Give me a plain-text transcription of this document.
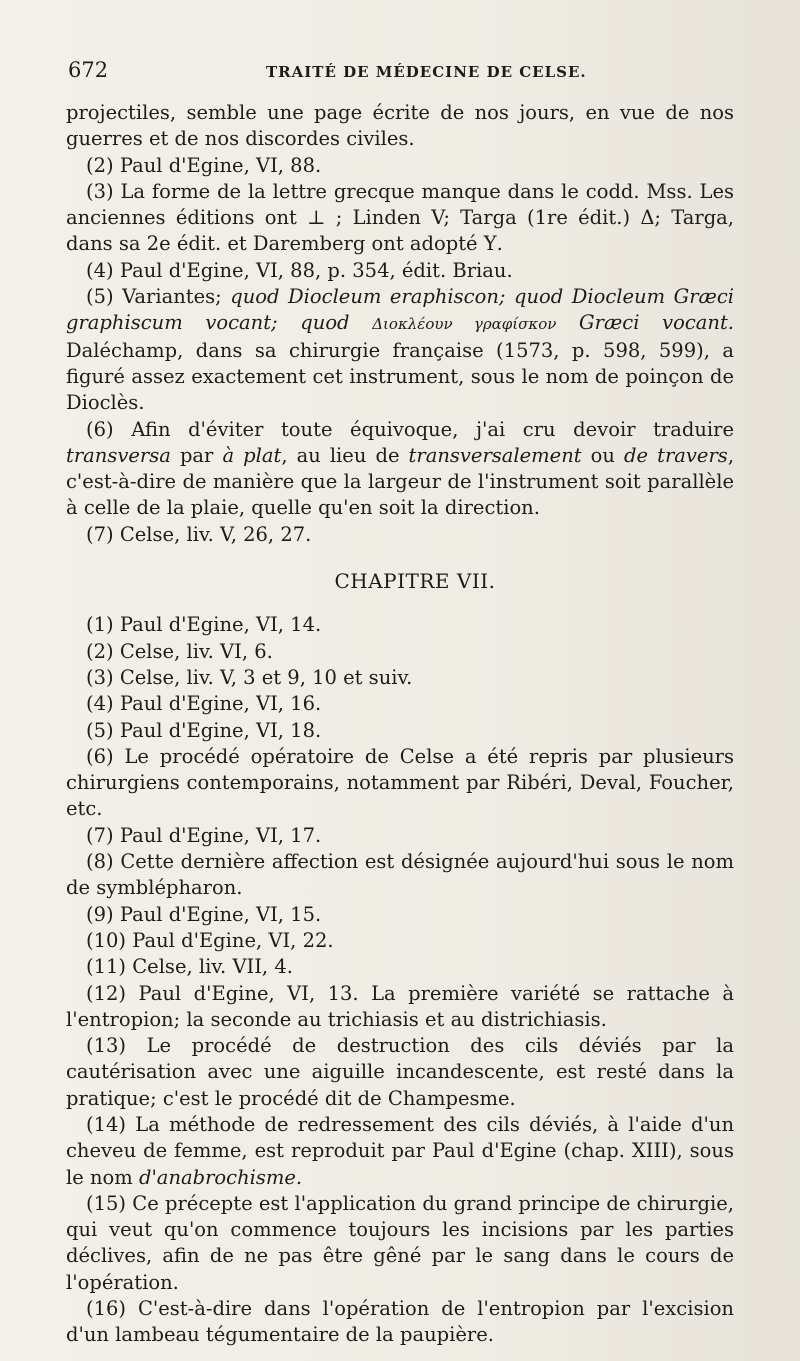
672	TRAITÉ DE MÉDECINE DE CELSE.

projectiles, semble une page écrite de nos jours, en vue de nos guerres et de nos discordes civiles.

(2) Paul d'Egine, VI, 88.

(3) La forme de la lettre grecque manque dans le codd. Mss. Les anciennes éditions ont ⊥ ; Linden V; Targa (1re édit.) Δ; Targa, dans sa 2e édit. et Daremberg ont adopté Υ.

(4) Paul d'Egine, VI, 88, p. 354, édit. Briau.

(5) Variantes; quod Diocleum eraphiscon; quod Diocleum Græci graphiscum vocant; quod Διοκλέουν γραφίσκον Græci vocant. Daléchamp, dans sa chirurgie française (1573, p. 598, 599), a figuré assez exactement cet instrument, sous le nom de poinçon de Dioclès.

(6) Afin d'éviter toute équivoque, j'ai cru devoir traduire transversa par à plat, au lieu de transversalement ou de travers, c'est-à-dire de manière que la largeur de l'instrument soit parallèle à celle de la plaie, quelle qu'en soit la direction.

(7) Celse, liv. V, 26, 27.

CHAPITRE VII.

(1) Paul d'Egine, VI, 14.

(2) Celse, liv. VI, 6.

(3) Celse, liv. V, 3 et 9, 10 et suiv.

(4) Paul d'Egine, VI, 16.

(5) Paul d'Egine, VI, 18.

(6) Le procédé opératoire de Celse a été repris par plusieurs chirurgiens contemporains, notamment par Ribéri, Deval, Foucher, etc.

(7) Paul d'Egine, VI, 17.

(8) Cette dernière affection est désignée aujourd'hui sous le nom de symblépharon.

(9) Paul d'Egine, VI, 15.

(10) Paul d'Egine, VI, 22.

(11) Celse, liv. VII, 4.

(12) Paul d'Egine, VI, 13. La première variété se rattache à l'entropion; la seconde au trichiasis et au districhiasis.

(13) Le procédé de destruction des cils déviés par la cautérisation avec une aiguille incandescente, est resté dans la pratique; c'est le procédé dit de Champesme.

(14) La méthode de redressement des cils déviés, à l'aide d'un cheveu de femme, est reproduit par Paul d'Egine (chap. XIII), sous le nom d'anabrochisme.

(15) Ce précepte est l'application du grand principe de chirurgie, qui veut qu'on commence toujours les incisions par les parties déclives, afin de ne pas être gêné par le sang dans le cours de l'opération.

(16) C'est-à-dire dans l'opération de l'entropion par l'excision d'un lambeau tégumentaire de la paupière.
